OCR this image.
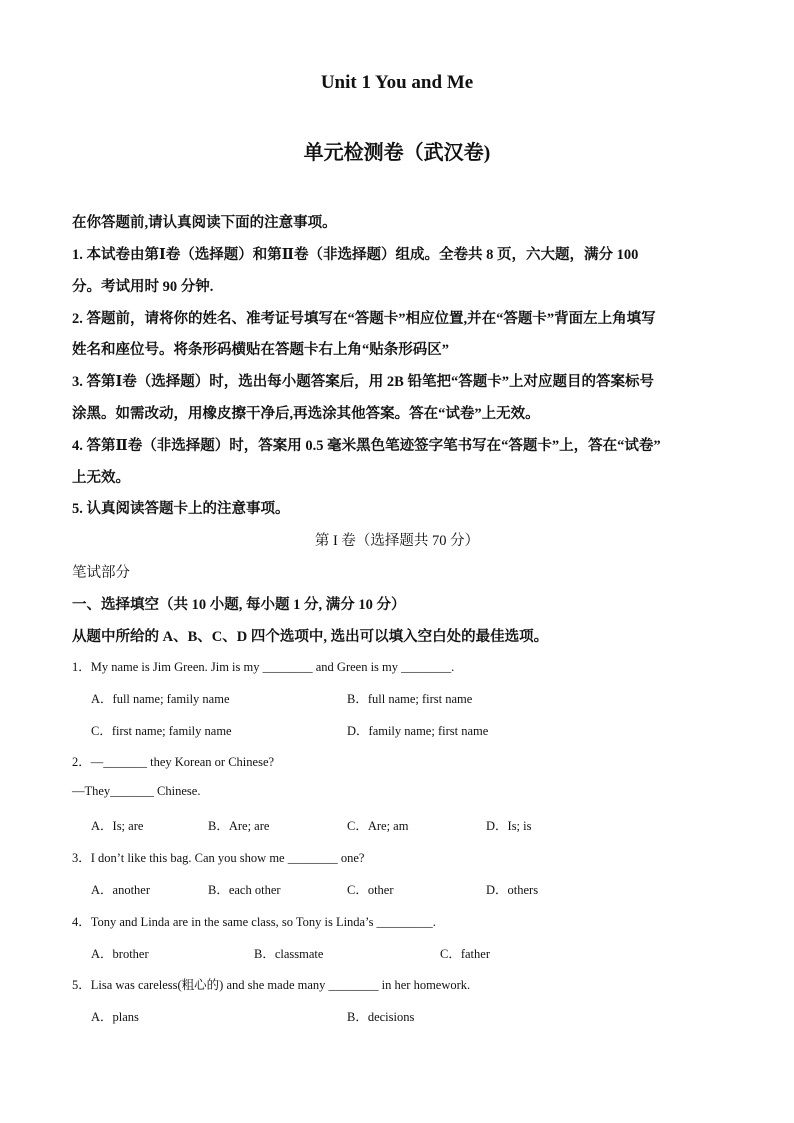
Unit 1 You and Me
单元检测卷（武汉卷)
在你答题前,请认真阅读下面的注意事项。
1. 本试卷由第Ⅰ卷（选择题）和第Ⅱ卷（非选择题）组成。全卷共 8 页，六大题，满分 100
分。考试用时 90 分钟.
2. 答题前，请将你的姓名、准考证号填写在“答题卡”相应位置,并在“答题卡”背面左上角填写
姓名和座位号。将条形码横贴在答题卡右上角“贴条形码区”
3. 答第Ⅰ卷（选择题）时，选出每小题答案后，用 2B 铅笔把“答题卡”上对应题目的答案标号
涂黑。如需改动，用橡皮擦干净后,再选涂其他答案。答在“试卷”上无效。
4. 答第Ⅱ卷（非选择题）时，答案用 0.5 毫米黑色笔迹签字笔书写在“答题卡”上，答在“试卷”
上无效。
5. 认真阅读答题卡上的注意事项。
第 I 卷（选择题共 70 分）
笔试部分
一、选择填空（共 10 小题, 每小题 1 分, 满分 10 分）
从题中所给的 A、B、C、D 四个选项中, 选出可以填入空白处的最佳选项。
1．My name is Jim Green. Jim is my ________ and Green is my ________.
A．full name; family name	B．full name; first name
C．first name; family name	D．family name; first name
2．—_______ they Korean or Chinese?
—They_______ Chinese.
A．Is; are	B．Are; are	C．Are; am	D．Is; is
3．I don’t like this bag. Can you show me ________ one?
A．another	B．each other	C．other	D．others
4．Tony and Linda are in the same class, so Tony is Linda’s _________.
A．brother	B．classmate	C．father
5．Lisa was careless(粗心的) and she made many ________ in her homework.
A．plans	B．decisions
